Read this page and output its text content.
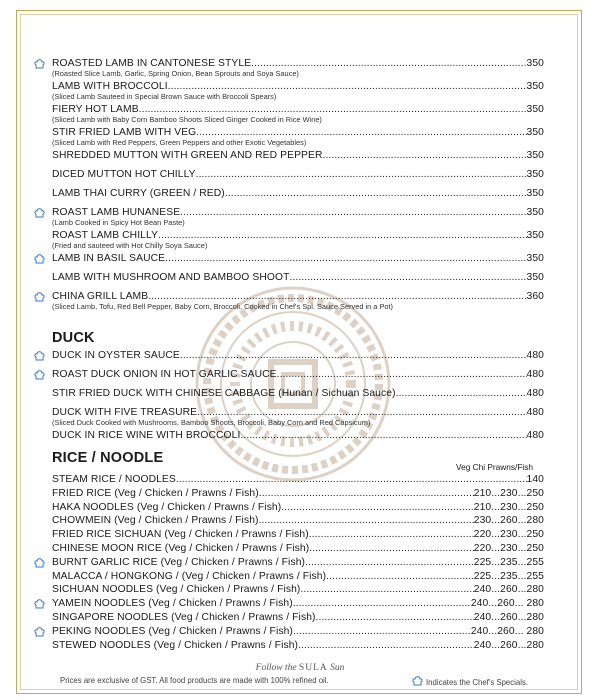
ROASTED LAMB IN CANTONESE STYLE .....	350
(Roasted Slice Lamb, Garlic, Spring Onion, Bean Sprouts and Soya Sauce)
LAMB WITH BROCCOLI .....	350
(Sliced Lamb Sauteed in Special Brown Sauce with Broccoli Spears)
FIERY HOT LAMB .....	350
(Sliced Lamb with Baby Corn Bamboo Shoots Sliced Ginger Cooked in Rice Wine)
STIR FRIED LAMB WITH VEG .....	350
(Sliced Lamb with Red Peppers, Green Peppers and other Exotic Vegetables)
SHREDDED MUTTON WITH GREEN AND RED PEPPER .....	350
DICED MUTTON HOT CHILLY .....	350
LAMB THAI CURRY (GREEN / RED) .....	350
ROAST LAMB HUNANESE .....	350
(Lamb Cooked in Spicy Hot Bean Paste)
ROAST LAMB CHILLY .....	350
(Fried and sauteed with Hot Chilly Soya Sauce)
LAMB IN BASIL SAUCE .....	350
LAMB WITH MUSHROOM AND BAMBOO SHOOT .....	350
CHINA GRILL LAMB .....	360
(Sliced Lamb, Tofu, Red Bell Pepper, Baby Corn, Broccoli, Cooked in Chef's Spl. Sauce Served in a Pot)
DUCK
DUCK IN OYSTER SAUCE .....	480
ROAST DUCK ONION IN HOT GARLIC SAUCE .....	480
STIR FRIED DUCK WITH CHINESE CABBAGE (Hunan / Sichuan Sauce) .....	480
DUCK WITH FIVE TREASURE .....	480
(Sliced Duck Cooked with Mushrooms, Bamboo Shoots, Broccoli, Baby Corn and Red Capsicum)
DUCK IN RICE WINE WITH BROCCOLI .....	480
RICE / NOODLE
Veg Chi Prawns/Fish
STEAM RICE / NOODLES .....	140
FRIED RICE (Veg / Chicken / Prawns / Fish) .....	210...230...250
HAKA NOODLES (Veg / Chicken / Prawns / Fish) .....	210...230...250
CHOWMEIN (Veg / Chicken / Prawns / Fish) .....	230...260...280
FRIED RICE SICHUAN (Veg / Chicken / Prawns / Fish) .....	220...230...250
CHINESE MOON RICE (Veg / Chicken / Prawns / Fish) .....	220...230...250
BURNT GARLIC RICE (Veg / Chicken / Prawns / Fish) .....	225...235...255
MALACCA / HONGKONG / (Veg / Chicken / Prawns / Fish) .....	225...235...255
SICHUAN NOODLES (Veg / Chicken / Prawns / Fish) .....	240...260...280
YAMEIN NOODLES (Veg / Chicken / Prawns / Fish) .....	240...260... 280
SINGAPORE NOODLES (Veg / Chicken / Prawns / Fish) .....	240...260...280
PEKING NOODLES (Veg / Chicken / Prawns / Fish) .....	240...260... 280
STEWED NOODLES (Veg / Chicken / Prawns / Fish) .....	240...260...280
Follow the SULA Sun
Prices are exclusive of GST. All food products are made with 100% refined oil.	Indicates the Chef's Specials.
